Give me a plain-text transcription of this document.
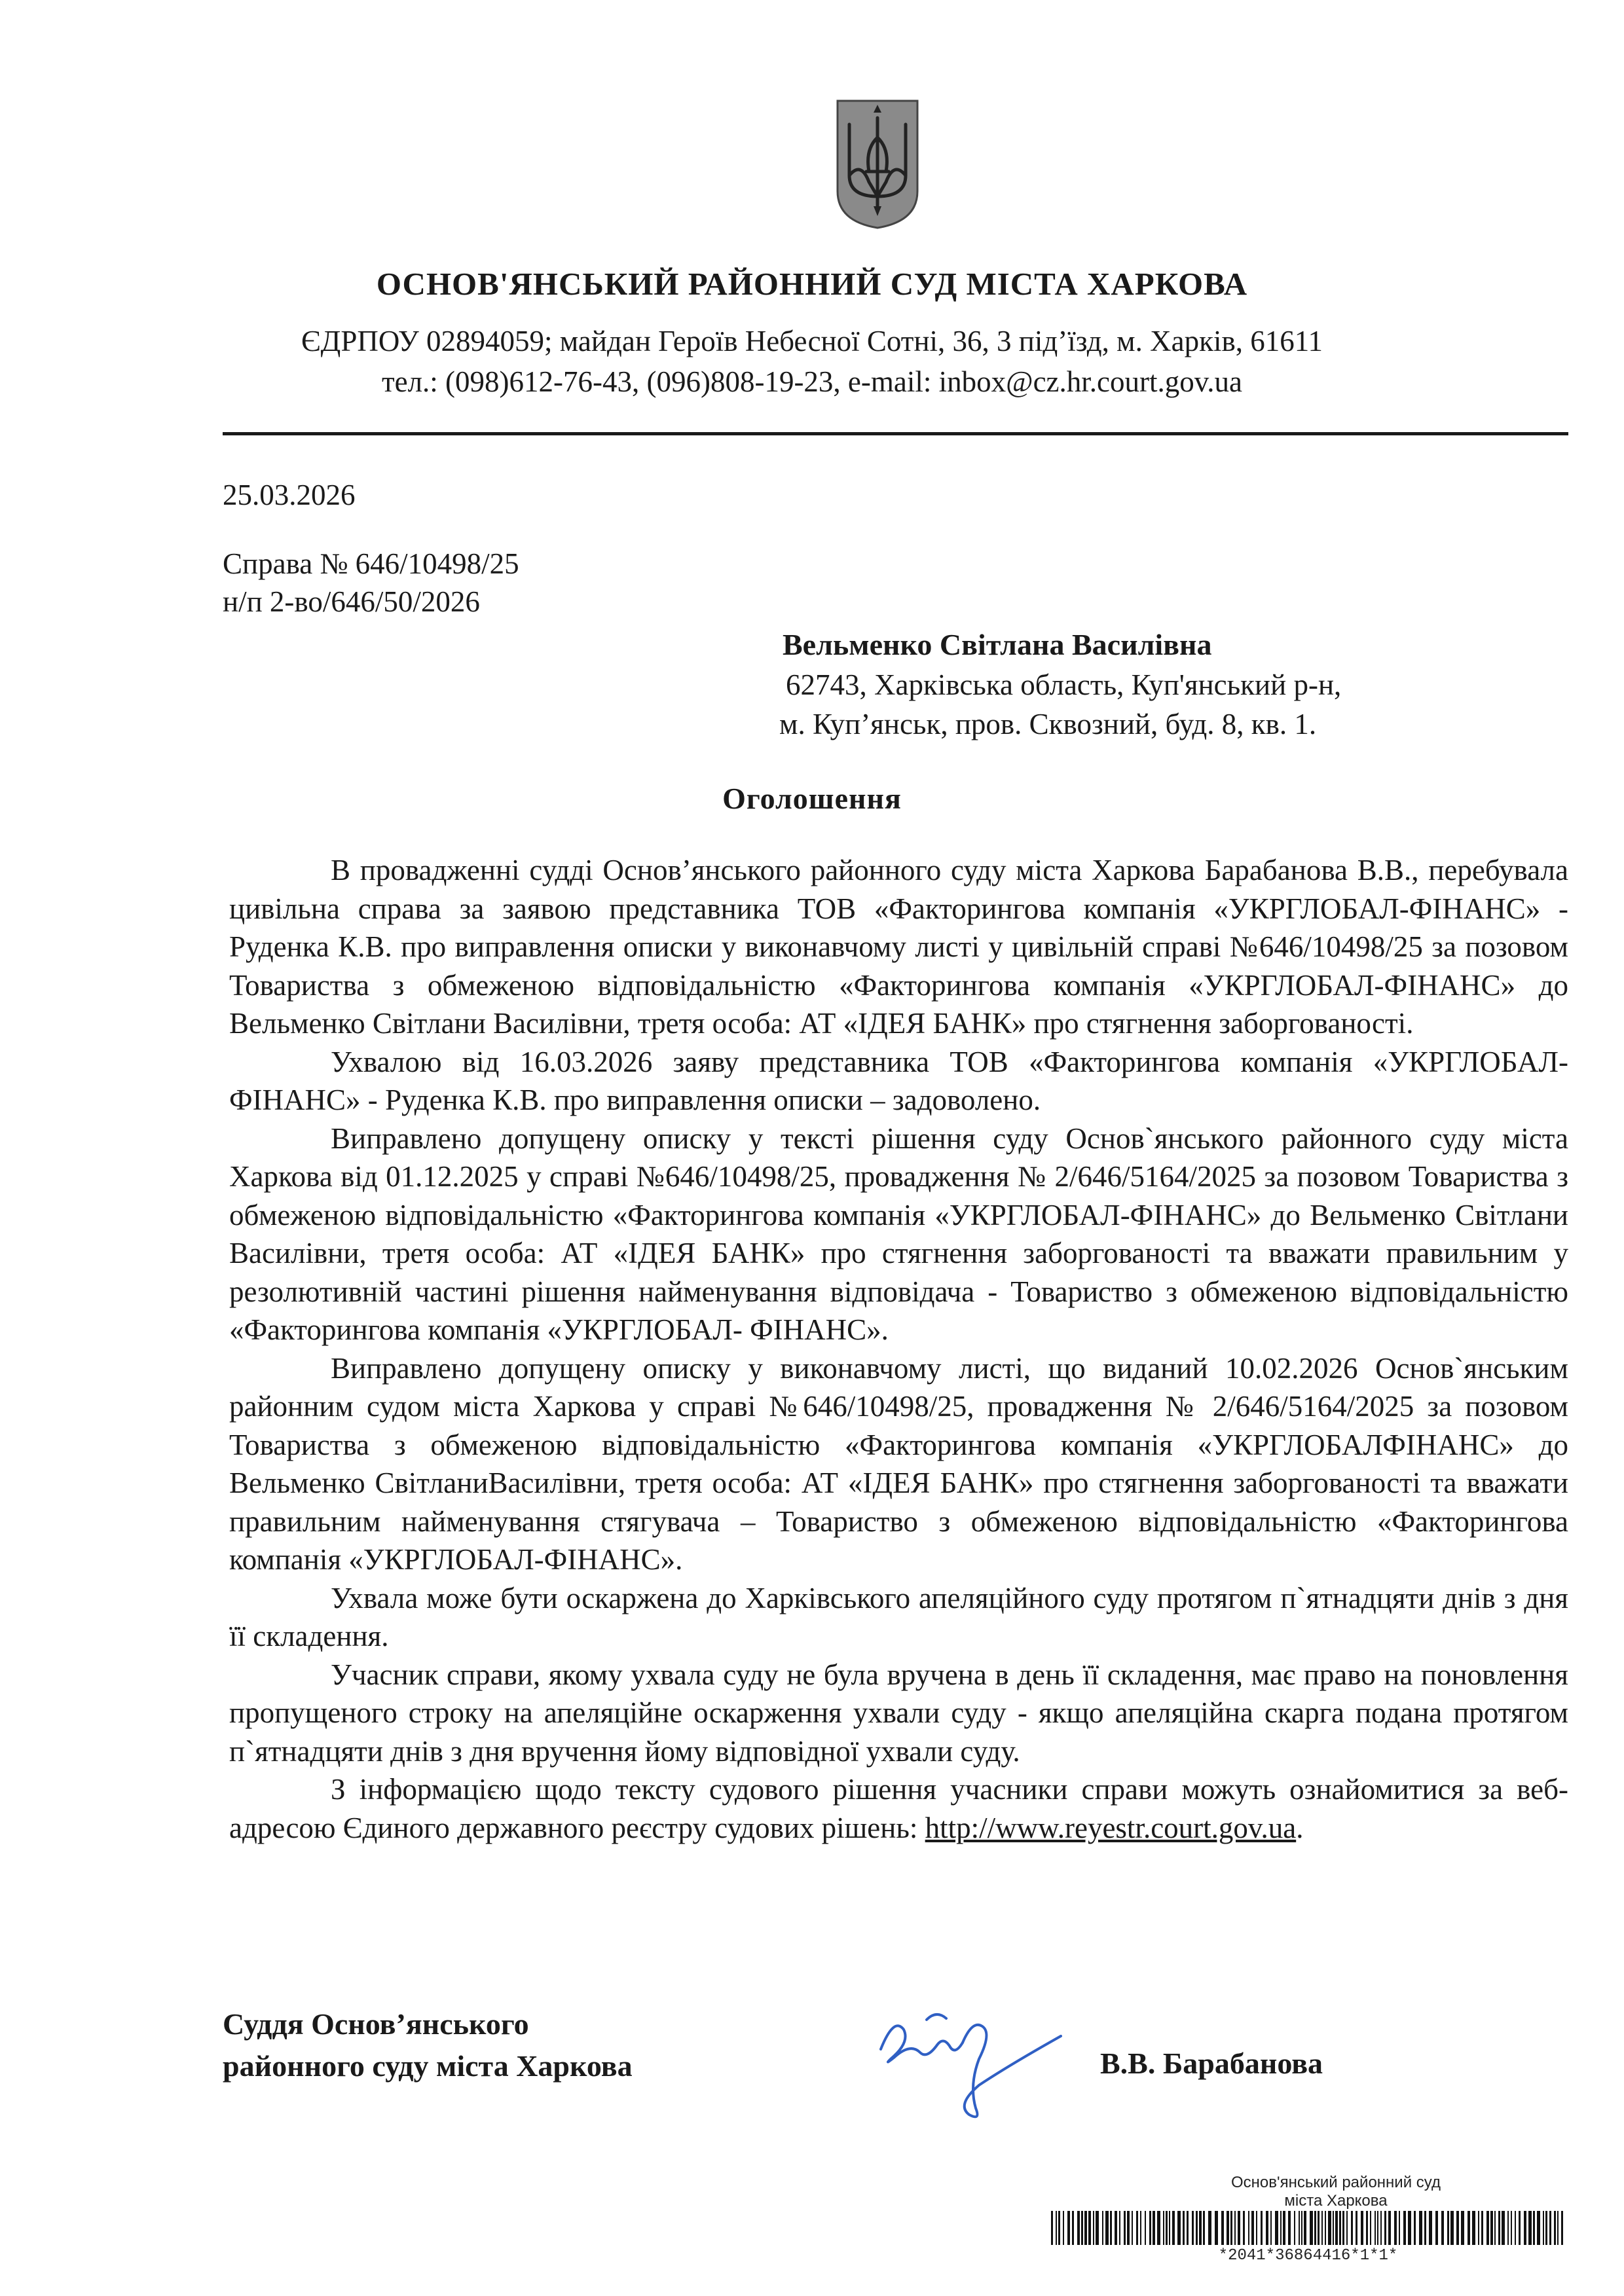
ОСНОВ'ЯНСЬКИЙ РАЙОННИЙ СУД МІСТА ХАРКОВА
ЄДРПОУ 02894059; майдан Героїв Небесної Сотні, 36, 3 під’їзд, м. Харків, 61611
тел.: (098)612-76-43, (096)808-19-23, e-mail: inbox@cz.hr.court.gov.ua
25.03.2026
Справа № 646/10498/25
н/п 2-во/646/50/2026
Вельменко Світлана Василівна
62743, Харківська область, Куп'янський р-н,
м. Куп’янськ, пров. Сквозний, буд. 8, кв. 1.
Оголошення

В провадженні судді Основ’янського районного суду міста Харкова Барабанова В.В., перебувала цивільна справа за заявою представника ТОВ «Факторингова компанія «УКРГЛОБАЛ-ФІНАНС» - Руденка К.В. про виправлення описки у виконавчому листі у цивільній справі №646/10498/25 за позовом Товариства з обмеженою відповідальністю «Факторингова компанія «УКРГЛОБАЛ-ФІНАНС» до Вельменко Світлани Василівни, третя особа: АТ «ІДЕЯ БАНК» про стягнення заборгованості.

Ухвалою від 16.03.2026 заяву представника ТОВ «Факторингова компанія «УКРГЛОБАЛ-ФІНАНС» - Руденка К.В. про виправлення описки – задоволено.

Виправлено допущену описку у тексті рішення суду Основ`янського районного суду міста Харкова від 01.12.2025 у справі №646/10498/25, провадження № 2/646/5164/2025 за позовом Товариства з обмеженою відповідальністю «Факторингова компанія «УКРГЛОБАЛ-ФІНАНС» до Вельменко Світлани Василівни, третя особа: АТ «ІДЕЯ БАНК» про стягнення заборгованості та вважати правильним у резолютивній частині рішення найменування відповідача - Товариство з обмеженою відповідальністю «Факторингова компанія «УКРГЛОБАЛ- ФІНАНС».

Виправлено допущену описку у виконавчому листі, що виданий 10.02.2026 Основ`янським районним судом міста Харкова у справі №646/10498/25, провадження № 2/646/5164/2025 за позовом Товариства з обмеженою відповідальністю «Факторингова компанія «УКРГЛОБАЛФІНАНС» до Вельменко СвітланиВасилівни, третя особа: АТ «ІДЕЯ БАНК» про стягнення заборгованості та вважати правильним найменування стягувача – Товариство з обмеженою відповідальністю «Факторингова компанія «УКРГЛОБАЛ-ФІНАНС».

Ухвала може бути оскаржена до Харківського апеляційного суду протягом п`ятнадцяти днів з дня її складення.

Учасник справи, якому ухвала суду не була вручена в день її складення, має право на поновлення пропущеного строку на апеляційне оскарження ухвали суду - якщо апеляційна скарга подана протягом п`ятнадцяти днів з дня вручення йому відповідної ухвали суду.

З інформацією щодо тексту судового рішення учасники справи можуть ознайомитися за веб-адресою Єдиного державного реєстру судових рішень: http://www.reyestr.court.gov.ua.

Суддя Основ’янського
районного суду міста Харкова	В.В. Барабанова
Основ'янський районний суд
міста Харкова
*2041*36864416*1*1*
